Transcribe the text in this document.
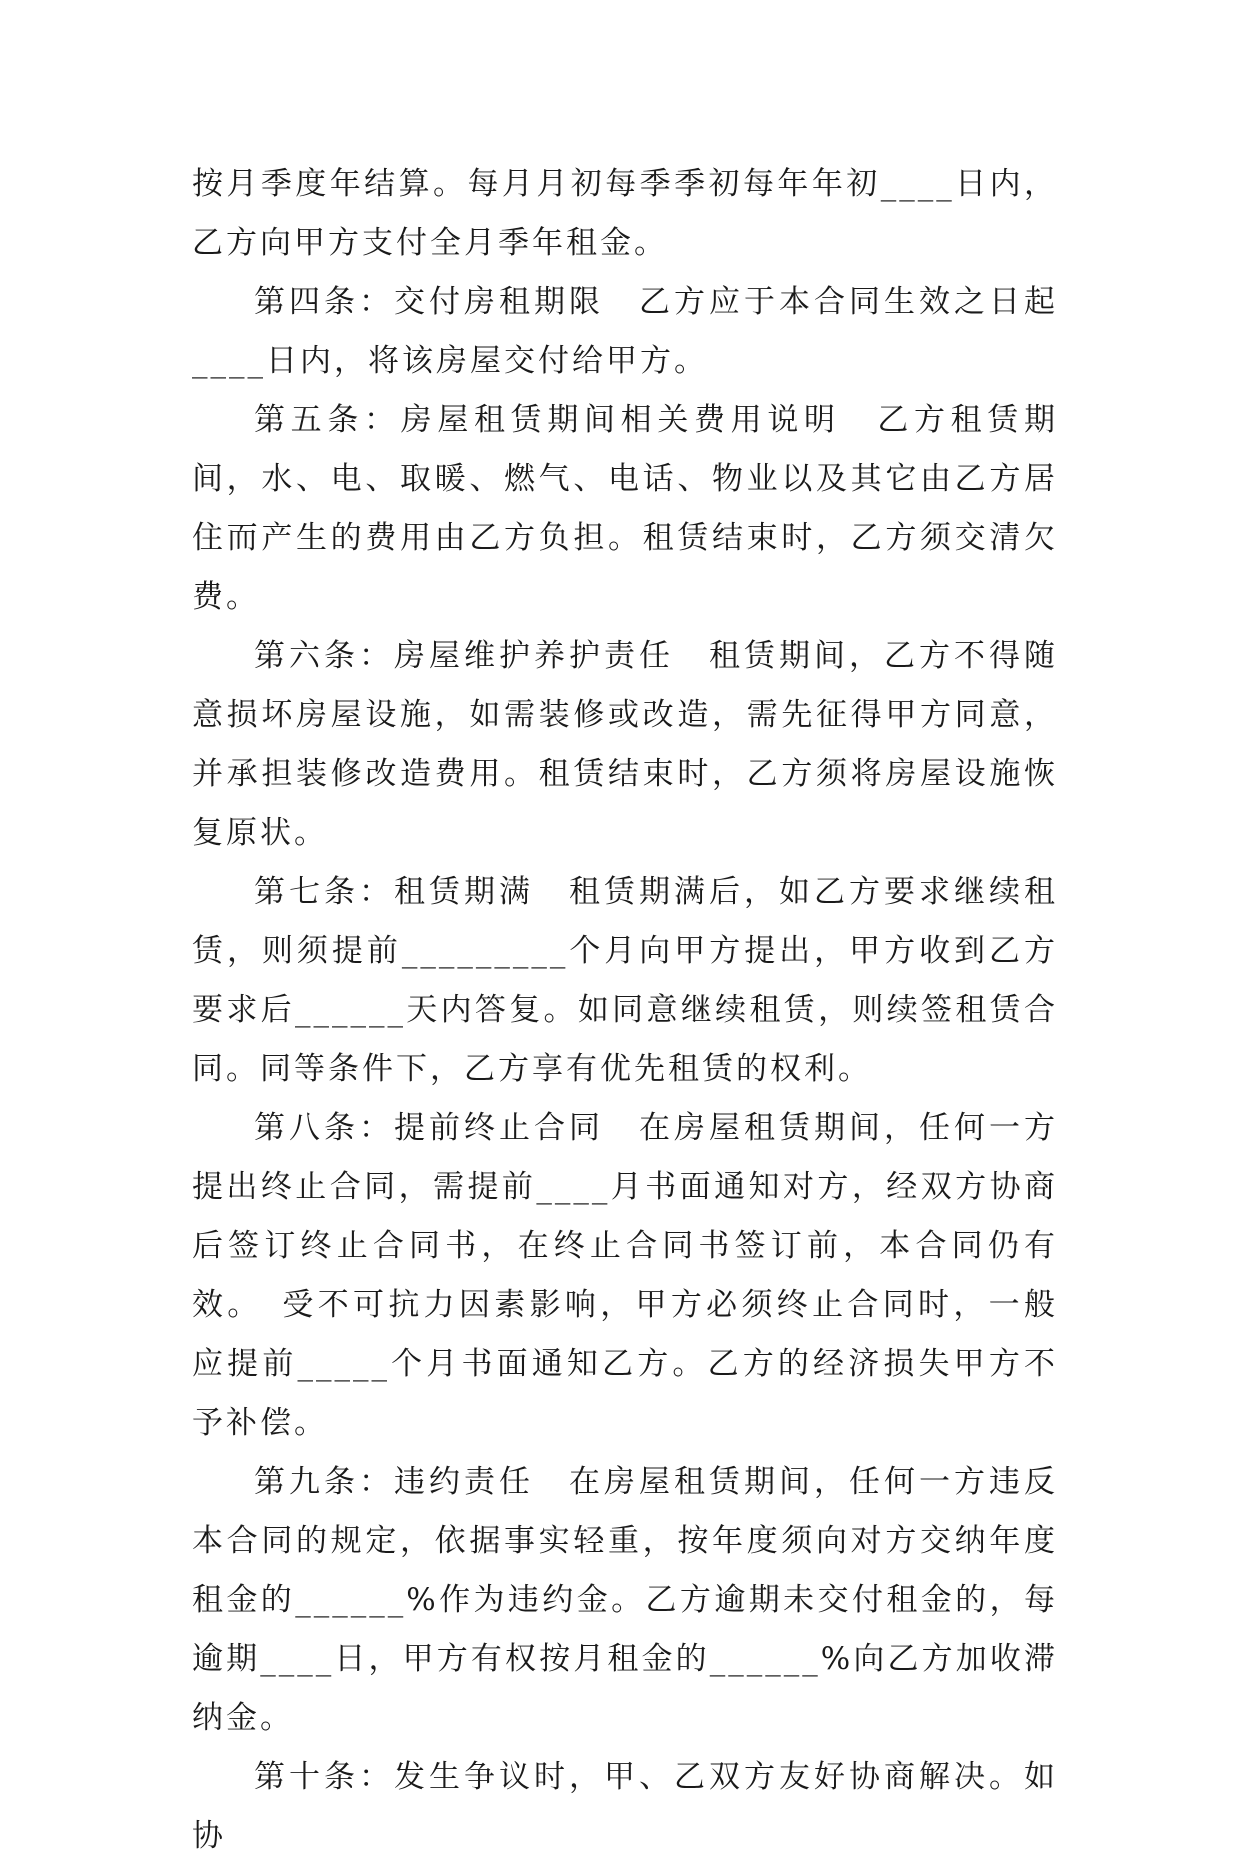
按月季度年结算。每月月初每季季初每年年初____日内，乙方向甲方支付全月季年租金。

第四条：交付房租期限　乙方应于本合同生效之日起____日内，将该房屋交付给甲方。

第五条：房屋租赁期间相关费用说明　乙方租赁期间，水、电、取暖、燃气、电话、物业以及其它由乙方居住而产生的费用由乙方负担。租赁结束时，乙方须交清欠费。

第六条：房屋维护养护责任　租赁期间，乙方不得随意损坏房屋设施，如需装修或改造，需先征得甲方同意，并承担装修改造费用。租赁结束时，乙方须将房屋设施恢复原状。

第七条：租赁期满　租赁期满后，如乙方要求继续租赁，则须提前_________个月向甲方提出，甲方收到乙方要求后______天内答复。如同意继续租赁，则续签租赁合同。同等条件下，乙方享有优先租赁的权利。

第八条：提前终止合同　在房屋租赁期间，任何一方提出终止合同，需提前____月书面通知对方，经双方协商后签订终止合同书，在终止合同书签订前，本合同仍有效。　受不可抗力因素影响，甲方必须终止合同时，一般应提前_____个月书面通知乙方。乙方的经济损失甲方不予补偿。

第九条：违约责任　在房屋租赁期间，任何一方违反本合同的规定，依据事实轻重，按年度须向对方交纳年度租金的______%作为违约金。乙方逾期未交付租金的，每逾期____日，甲方有权按月租金的______%向乙方加收滞纳金。

第十条：发生争议时，甲、乙双方友好协商解决。如协
